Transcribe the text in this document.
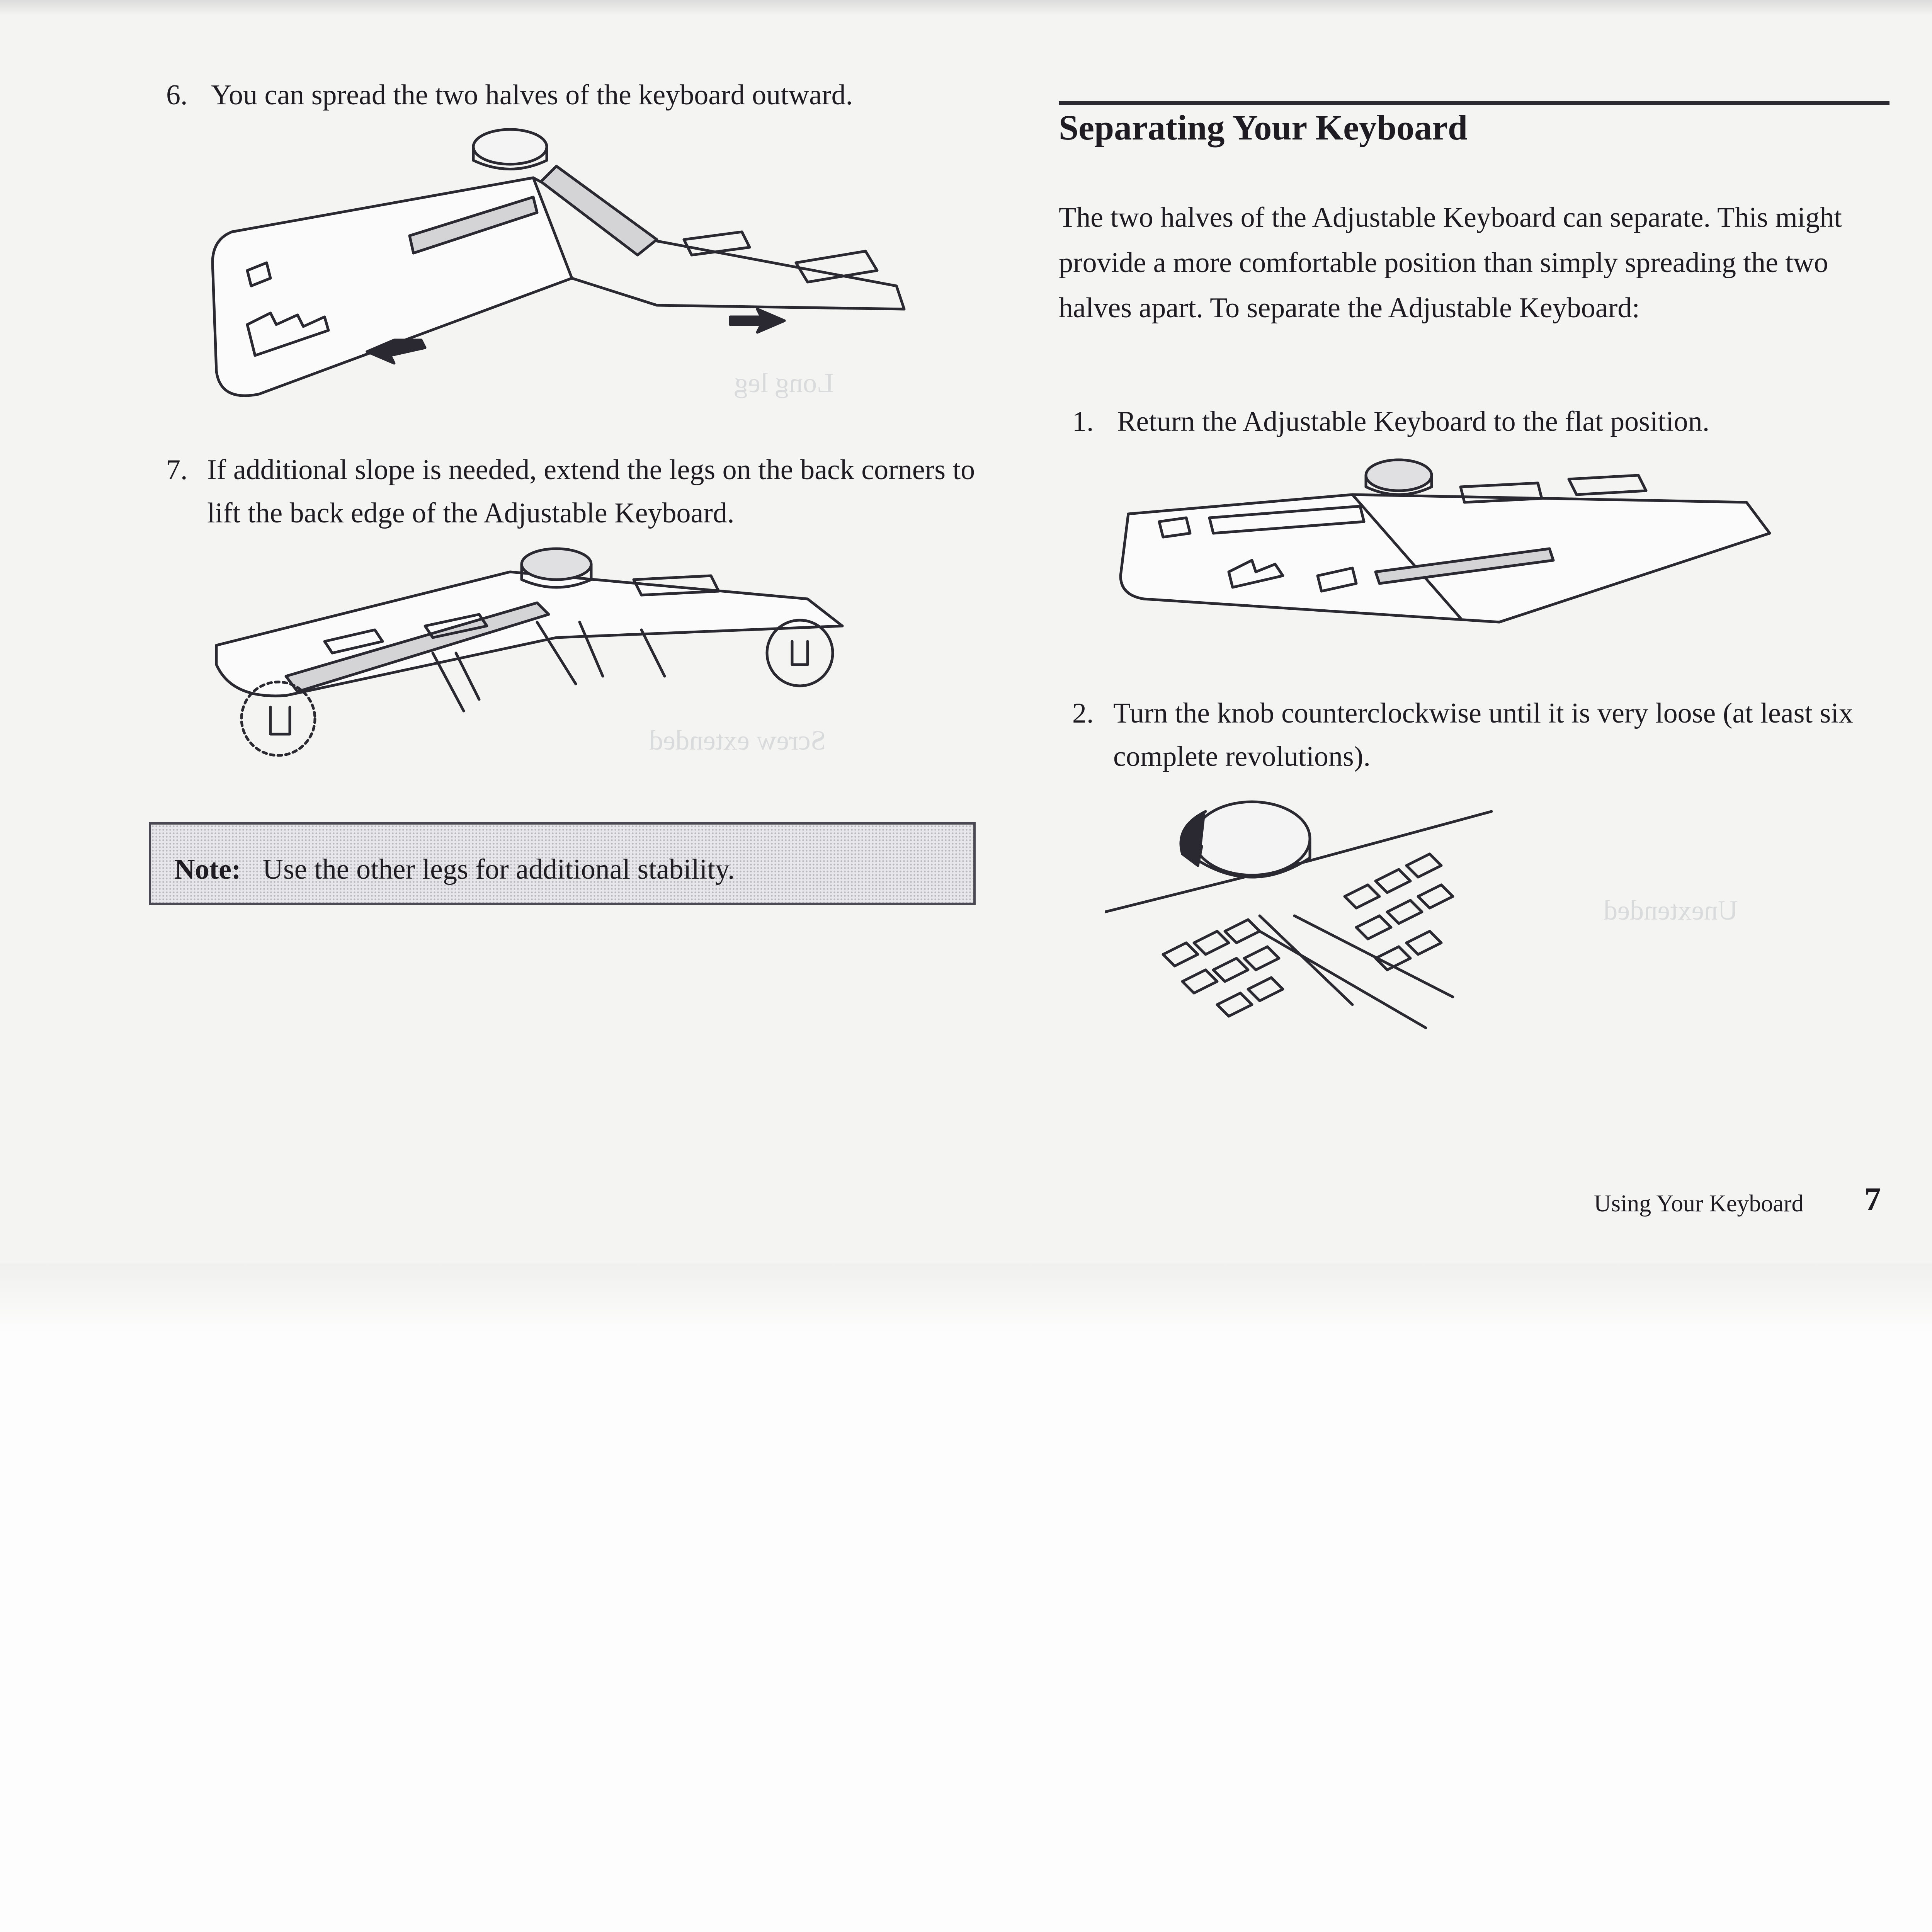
Long leg
Screw extended
Unextended

6. You can spread the two halves of the keyboard outward.

7. If additional slope is needed, extend the legs on the back corners to lift the back edge of the Adjustable Keyboard.

Note: Use the other legs for additional stability.
Separating Your Keyboard

The two halves of the Adjustable Keyboard can separate. This might provide a more comfortable position than simply spreading the two halves apart. To separate the Adjustable Keyboard:

1. Return the Adjustable Keyboard to the flat position.

2. Turn the knob counterclockwise until it is very loose (at least six complete revolutions).

Using Your Keyboard 7
